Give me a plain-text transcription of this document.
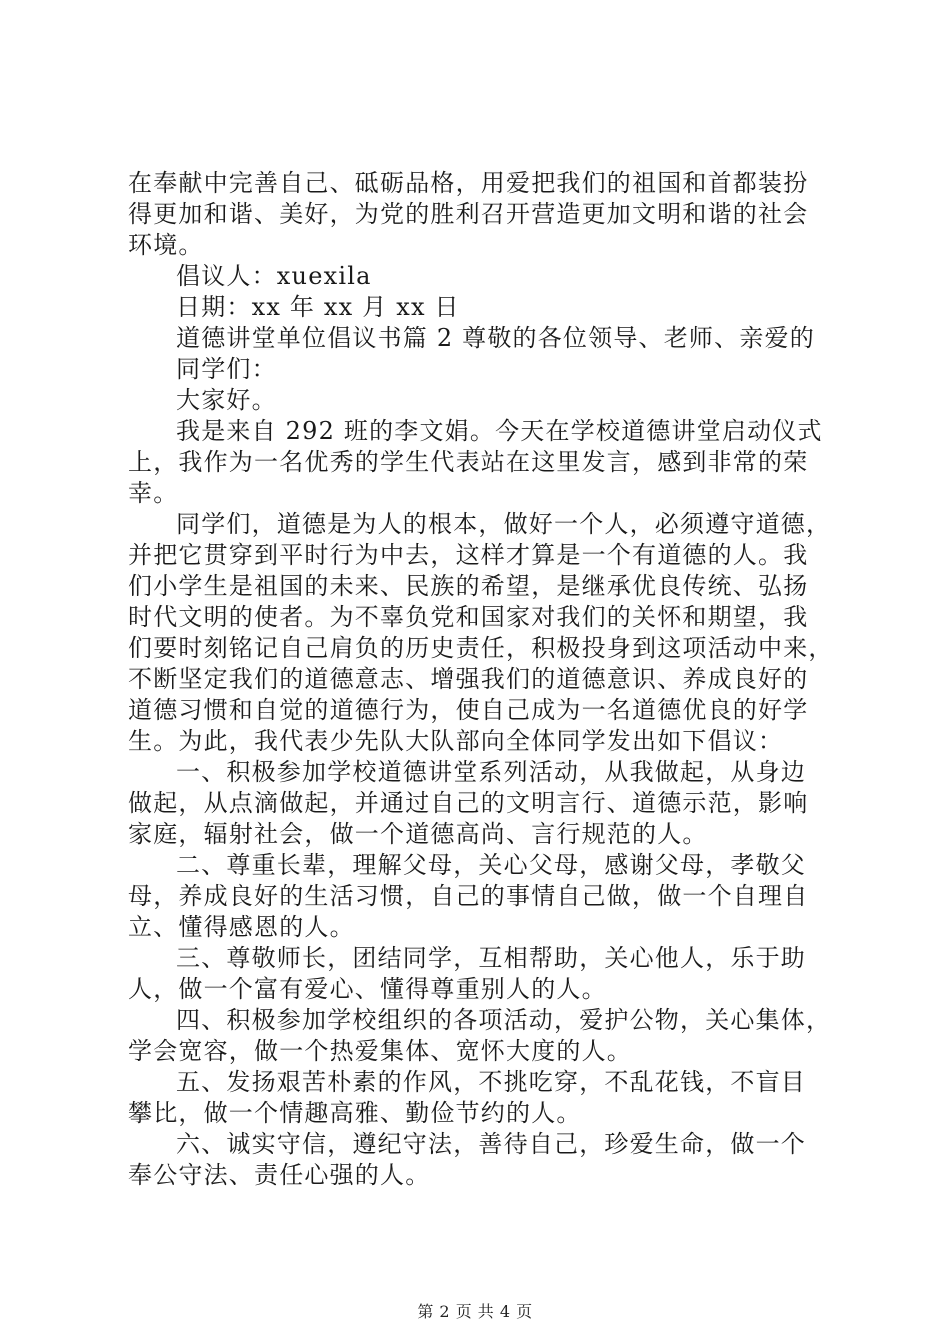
在奉献中完善自己、砥砺品格，用爱把我们的祖国和首都装扮
得更加和谐、美好，为党的胜利召开营造更加文明和谐的社会
环境。
倡议人：xuexila
日期：xx 年 xx 月 xx 日
道德讲堂单位倡议书篇 2 尊敬的各位领导、老师、亲爱的
同学们：
大家好。
我是来自 292 班的李文娟。今天在学校道德讲堂启动仪式
上，我作为一名优秀的学生代表站在这里发言，感到非常的荣
幸。
同学们，道德是为人的根本，做好一个人，必须遵守道德，
并把它贯穿到平时行为中去，这样才算是一个有道德的人。我
们小学生是祖国的未来、民族的希望，是继承优良传统、弘扬
时代文明的使者。为不辜负党和国家对我们的关怀和期望，我
们要时刻铭记自己肩负的历史责任，积极投身到这项活动中来，
不断坚定我们的道德意志、增强我们的道德意识、养成良好的
道德习惯和自觉的道德行为，使自己成为一名道德优良的好学
生。为此，我代表少先队大队部向全体同学发出如下倡议：
一、积极参加学校道德讲堂系列活动，从我做起，从身边
做起，从点滴做起，并通过自己的文明言行、道德示范，影响
家庭，辐射社会，做一个道德高尚、言行规范的人。
二、尊重长辈，理解父母，关心父母，感谢父母，孝敬父
母，养成良好的生活习惯，自己的事情自己做，做一个自理自
立、懂得感恩的人。
三、尊敬师长，团结同学，互相帮助，关心他人，乐于助
人，做一个富有爱心、懂得尊重别人的人。
四、积极参加学校组织的各项活动，爱护公物，关心集体，
学会宽容，做一个热爱集体、宽怀大度的人。
五、发扬艰苦朴素的作风，不挑吃穿，不乱花钱，不盲目
攀比，做一个情趣高雅、勤俭节约的人。
六、诚实守信，遵纪守法，善待自己，珍爱生命，做一个
奉公守法、责任心强的人。
第 2 页 共 4 页
